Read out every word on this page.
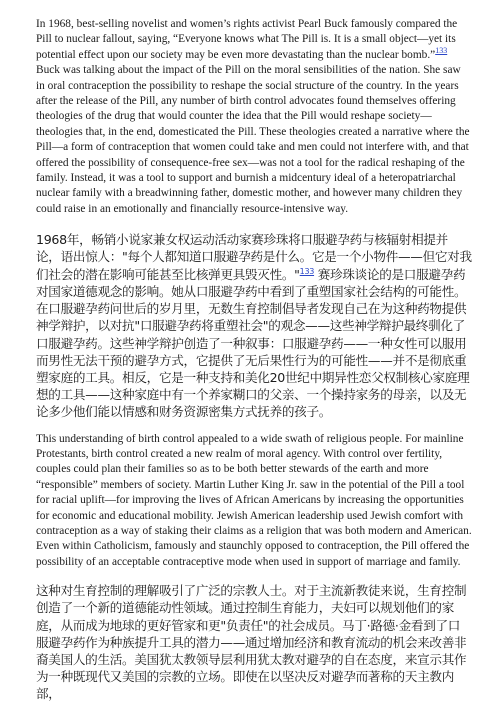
In 1968, best-selling novelist and women’s rights activist Pearl Buck famously compared the Pill to nuclear fallout, saying, “Everyone knows what The Pill is. It is a small object—yet its potential effect upon our society may be even more devastating than the nuclear bomb.”$^{133}$ Buck was talking about the impact of the Pill on the moral sensibilities of the nation. She saw in oral contraception the possibility to reshape the social structure of the country. In the years after the release of the Pill, any number of birth control advocates found themselves offering theologies of the drug that would counter the idea that the Pill would reshape society—theologies that, in the end, domesticated the Pill. These theologies created a narrative where the Pill—a form of contraception that women could take and men could not interfere with, and that offered the possibility of consequence-free sex—was not a tool for the radical reshaping of the family. Instead, it was a tool to support and burnish a midcentury ideal of a heteropatriarchal nuclear family with a breadwinning father, domestic mother, and however many children they could raise in an emotionally and financially resource-intensive way.

1968年，畅销小说家兼女权运动活动家赛珍珠将口服避孕药与核辐射相提并论，语出惊人："每个人都知道口服避孕药是什么。它是一个小物件——但它对我们社会的潜在影响可能甚至比核弹更具毁灭性。"$^{133}$ 赛珍珠谈论的是口服避孕药对国家道德观念的影响。她从口服避孕药中看到了重塑国家社会结构的可能性。在口服避孕药问世后的岁月里，无数生育控制倡导者发现自己在为这种药物提供神学辩护，以对抗"口服避孕药将重塑社会"的观念——这些神学辩护最终驯化了口服避孕药。这些神学辩护创造了一种叙事：口服避孕药——一种女性可以服用而男性无法干预的避孕方式，它提供了无后果性行为的可能性——并不是彻底重塑家庭的工具。相反，它是一种支持和美化20世纪中期异性恋父权制核心家庭理想的工具——这种家庭中有一个养家糊口的父亲、一个操持家务的母亲，以及无论多少他们能以情感和财务资源密集方式抚养的孩子。

This understanding of birth control appealed to a wide swath of religious people. For mainline Protestants, birth control created a new realm of moral agency. With control over fertility, couples could plan their families so as to be both better stewards of the earth and more “responsible” members of society. Martin Luther King Jr. saw in the potential of the Pill a tool for racial uplift—for improving the lives of African Americans by increasing the opportunities for economic and educational mobility. Jewish American leadership used Jewish comfort with contraception as a way of staking their claims as a religion that was both modern and American. Even within Catholicism, famously and staunchly opposed to contraception, the Pill offered the possibility of an acceptable contraceptive mode when used in support of marriage and family.

这种对生育控制的理解吸引了广泛的宗教人士。对于主流新教徒来说，生育控制创造了一个新的道德能动性领域。通过控制生育能力，夫妇可以规划他们的家庭，从而成为地球的更好管家和更"负责任"的社会成员。马丁·路德·金看到了口服避孕药作为种族提升工具的潜力——通过增加经济和教育流动的机会来改善非裔美国人的生活。美国犹太教领导层利用犹太教对避孕的自在态度，来宣示其作为一种既现代又美国的宗教的立场。即使在以坚决反对避孕而著称的天主教内部，
